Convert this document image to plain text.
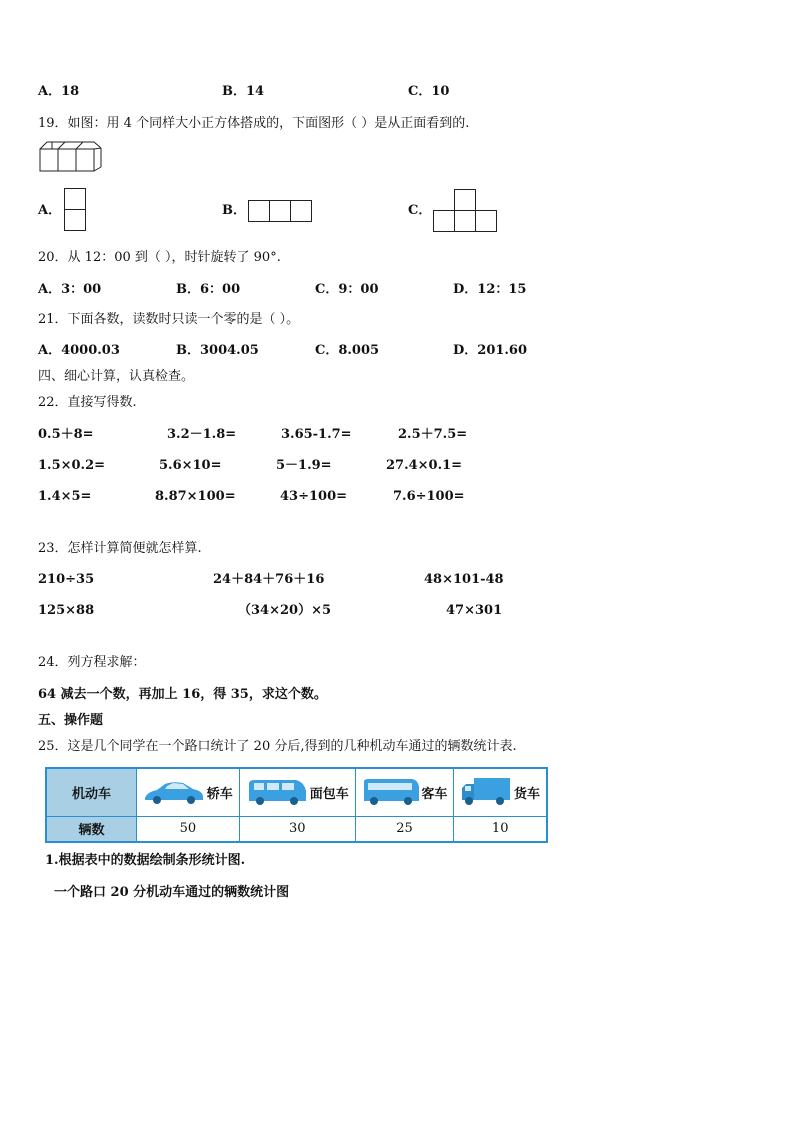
A．18	B．14	C．10
19．如图：用 4 个同样大小正方体搭成的，下面图形（ ）是从正面看到的.
A．	B．	C．
20．从 12：00 到（ ），时针旋转了 90°.
A．3：00	B．6：00	C．9：00	D．12：15
21．下面各数，读数时只读一个零的是（ ）。
A．4000.03	B．3004.05	C．8.005	D．201.60
四、细心计算，认真检查。
22．直接写得数.
0.5＋8=	3.2－1.8=	3.65-1.7=	2.5＋7.5=
1.5×0.2=	5.6×10=	5－1.9=	27.4×0.1=
1.4×5=	8.87×100=	43÷100=	7.6÷100=
23．怎样计算简便就怎样算.
210÷35	24＋84＋76＋16	48×101-48
125×88	（34×20）×5	47×301
24．列方程求解：
64 减去一个数，再加上 16，得 35，求这个数。
五、操作题
25．这是几个同学在一个路口统计了 20 分后,得到的几种机动车通过的辆数统计表.
机动车	轿车	面包车	客车	货车

辆数	50	30	25	10
1.根据表中的数据绘制条形统计图.
一个路口 20 分机动车通过的辆数统计图
